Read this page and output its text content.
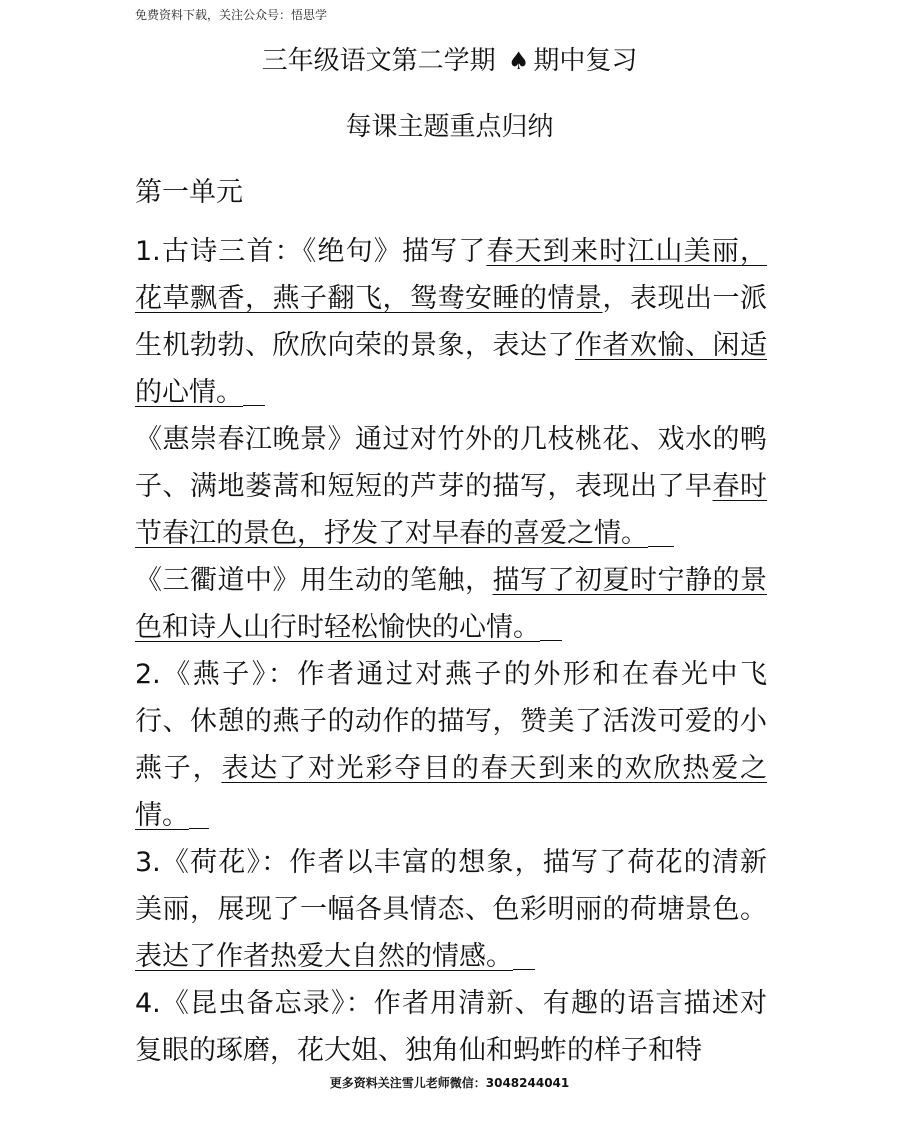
免费资料下载，关注公众号：悟思学
三年级语文第二学期 ♠ 期中复习
每课主题重点归纳
第一单元

1.古诗三首：《绝句》描写了春天到来时江山美丽，花草飘香，燕子翻飞，鸳鸯安睡的情景，表现出一派生机勃勃、欣欣向荣的景象，表达了作者欢愉、闲适的心情。

《惠崇春江晚景》通过对竹外的几枝桃花、戏水的鸭子、满地蒌蒿和短短的芦芽的描写，表现出了早春时节春江的景色，抒发了对早春的喜爱之情。

《三衢道中》用生动的笔触，描写了初夏时宁静的景色和诗人山行时轻松愉快的心情。

2.《燕子》：作者通过对燕子的外形和在春光中飞行、休憩的燕子的动作的描写，赞美了活泼可爱的小燕子，表达了对光彩夺目的春天到来的欢欣热爱之情。

3.《荷花》：作者以丰富的想象，描写了荷花的清新美丽，展现了一幅各具情态、色彩明丽的荷塘景色。表达了作者热爱大自然的情感。

4.《昆虫备忘录》：作者用清新、有趣的语言描述对复眼的琢磨，花大姐、独角仙和蚂蚱的样子和特

更多资料关注雪儿老师微信：3048244041
